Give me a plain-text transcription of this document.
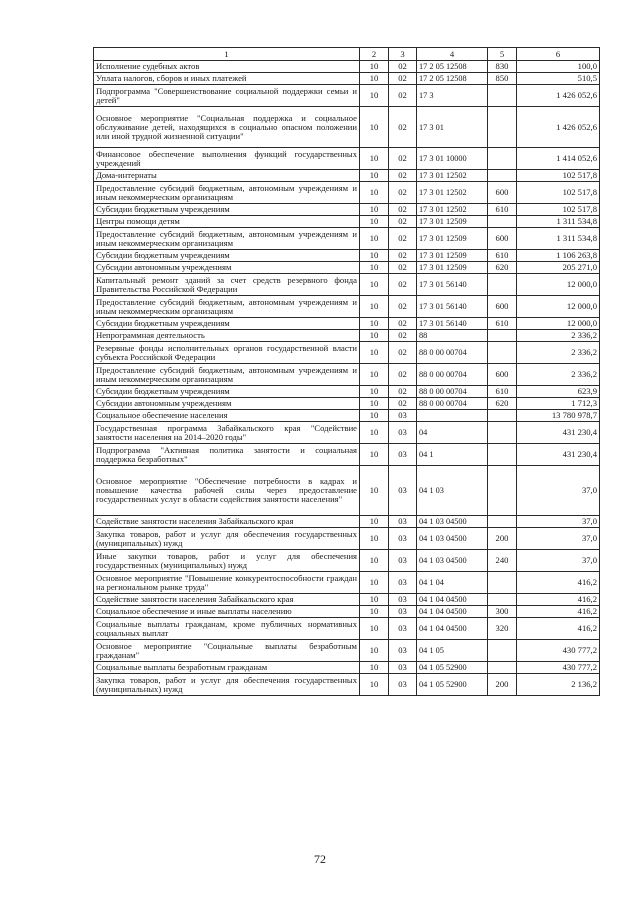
1	2	3	4	5	6
Исполнение судебных актов	10	02	17 2 05 12508	830	100,0
Уплата налогов, сборов и иных платежей	10	02	17 2 05 12508	850	510,5
Подпрограмма "Совершенствование социальной поддержки семьи и детей"	10	02	17 3		1 426 052,6
Основное мероприятие "Социальная поддержка и социальное обслуживание детей, находящихся в социально опасном положении или иной трудной жизненной ситуации"	10	02	17 3 01		1 426 052,6
Финансовое обеспечение выполнения функций государственных учреждений	10	02	17 3 01 10000		1 414 052,6
Дома-интернаты	10	02	17 3 01 12502		102 517,8
Предоставление субсидий бюджетным, автономным учреждениям и иным некоммерческим организациям	10	02	17 3 01 12502	600	102 517,8
Субсидии бюджетным учреждениям	10	02	17 3 01 12502	610	102 517,8
Центры помощи детям	10	02	17 3 01 12509		1 311 534,8
Предоставление субсидий бюджетным, автономным учреждениям и иным некоммерческим организациям	10	02	17 3 01 12509	600	1 311 534,8
Субсидии бюджетным учреждениям	10	02	17 3 01 12509	610	1 106 263,8
Субсидии автономным учреждениям	10	02	17 3 01 12509	620	205 271,0
Капитальный ремонт зданий за счет средств резервного фонда Правительства Российской Федерации	10	02	17 3 01 56140		12 000,0
Предоставление субсидий бюджетным, автономным учреждениям и иным некоммерческим организациям	10	02	17 3 01 56140	600	12 000,0
Субсидии бюджетным учреждениям	10	02	17 3 01 56140	610	12 000,0
Непрограммная деятельность	10	02	88		2 336,2
Резервные фонды исполнительных органов государственной власти субъекта Российской Федерации	10	02	88 0 00 00704		2 336,2
Предоставление субсидий бюджетным, автономным учреждениям и иным некоммерческим организациям	10	02	88 0 00 00704	600	2 336,2
Субсидии бюджетным учреждениям	10	02	88 0 00 00704	610	623,9
Субсидии автономным учреждениям	10	02	88 0 00 00704	620	1 712,3
Социальное обеспечение населения	10	03			13 780 978,7
Государственная программа Забайкальского края "Содействие занятости населения на 2014–2020 годы"	10	03	04		431 230,4
Подпрограмма "Активная политика занятости и социальная поддержка безработных"	10	03	04 1		431 230,4
Основное мероприятие "Обеспечение потребности в кадрах и повышение качества рабочей силы через предоставление государственных услуг в области содействия занятости населения"	10	03	04 1 03		37,0
Содействие занятости населения Забайкальского края	10	03	04 1 03 04500		37,0
Закупка товаров, работ и услуг для обеспечения государственных (муниципальных) нужд	10	03	04 1 03 04500	200	37,0
Иные закупки товаров, работ и услуг для обеспечения государственных (муниципальных) нужд	10	03	04 1 03 04500	240	37,0
Основное мероприятие "Повышение конкурентоспособности граждан на региональном рынке труда"	10	03	04 1 04		416,2
Содействие занятости населения Забайкальского края	10	03	04 1 04 04500		416,2
Социальное обеспечение и иные выплаты населению	10	03	04 1 04 04500	300	416,2
Социальные выплаты гражданам, кроме публичных нормативных социальных выплат	10	03	04 1 04 04500	320	416,2
Основное мероприятие "Социальные выплаты безработным гражданам"	10	03	04 1 05		430 777,2
Социальные выплаты безработным гражданам	10	03	04 1 05 52900		430 777,2
Закупка товаров, работ и услуг для обеспечения государственных (муниципальных) нужд	10	03	04 1 05 52900	200	2 136,2
72
